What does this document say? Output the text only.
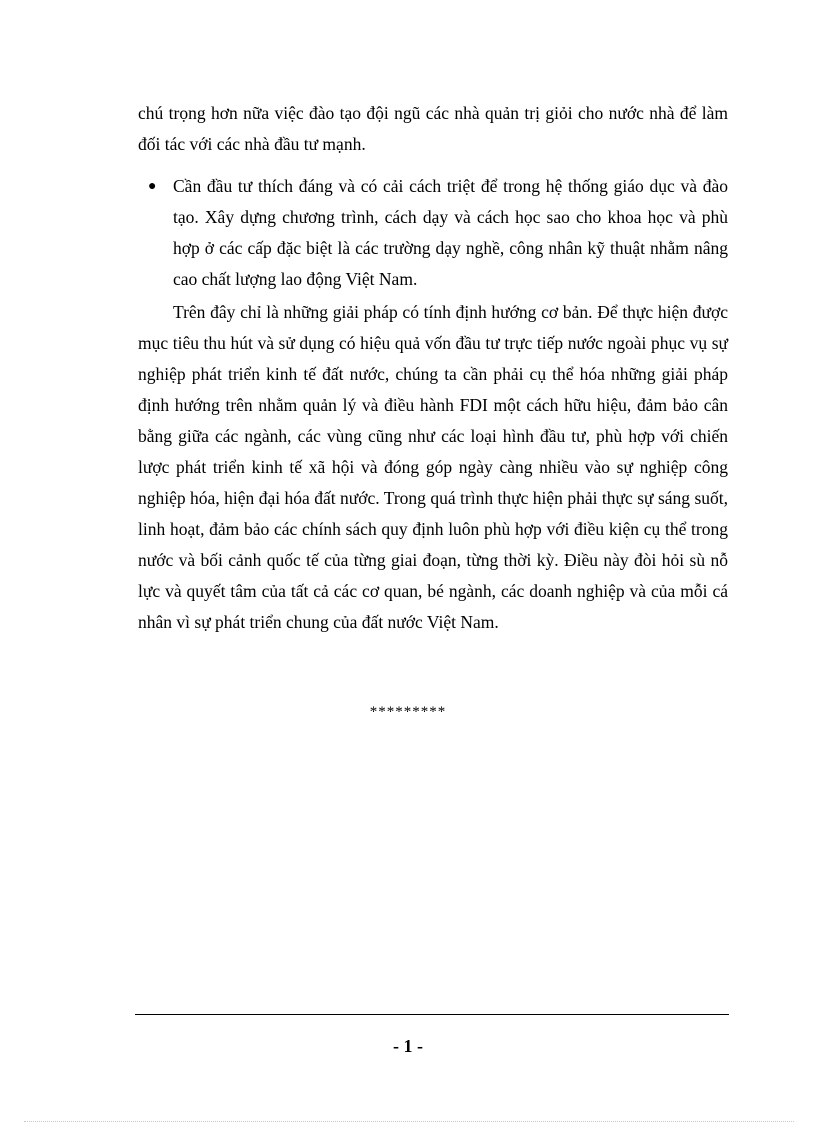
chú trọng hơn nữa việc đào tạo đội ngũ các nhà quản trị giỏi cho nước nhà để làm đối tác với các nhà đầu tư mạnh.
● Cần đầu tư thích đáng và có cải cách triệt để trong hệ thống giáo dục và đào tạo. Xây dựng chương trình, cách dạy và cách học sao cho khoa học và phù hợp ở các cấp đặc biệt là các trường dạy nghề, công nhân kỹ thuật nhằm nâng cao chất lượng lao động Việt Nam.
Trên đây chỉ là những giải pháp có tính định hướng cơ bản. Để thực hiện được mục tiêu thu hút và sử dụng có hiệu quả vốn đầu tư trực tiếp nước ngoài phục vụ sự nghiệp phát triển kinh tế đất nước, chúng ta cần phải cụ thể hóa những giải pháp định hướng trên nhằm quản lý và điều hành FDI một cách hữu hiệu, đảm bảo cân bằng giữa các ngành, các vùng cũng như các loại hình đầu tư, phù hợp với chiến lược phát triển kinh tế xã hội và đóng góp ngày càng nhiều vào sự nghiệp công nghiệp hóa, hiện đại hóa đất nước. Trong quá trình thực hiện phải thực sự sáng suốt, linh hoạt, đảm bảo các chính sách quy định luôn phù hợp với điều kiện cụ thể trong nước và bối cảnh quốc tế của từng giai đoạn, từng thời kỳ. Điều này đòi hỏi sù nỗ lực và quyết tâm của tất cả các cơ quan, bé ngành, các doanh nghiệp và của mỗi cá nhân vì sự phát triển chung của đất nước Việt Nam.
*********
- 1 -
